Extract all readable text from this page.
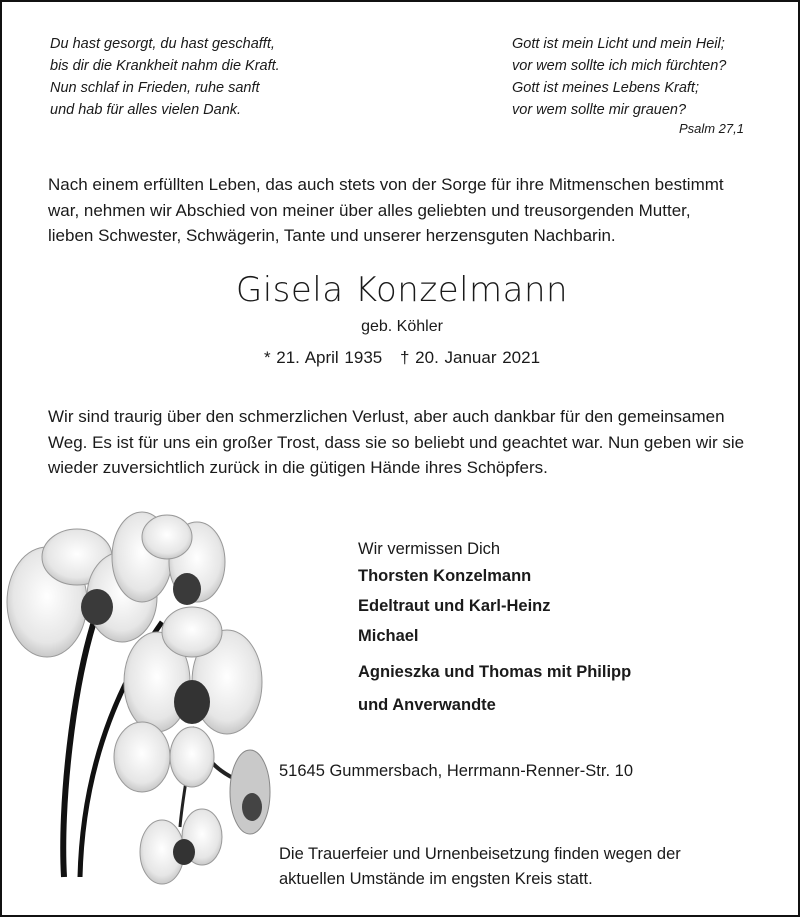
Du hast gesorgt, du hast geschafft,
bis dir die Krankheit nahm die Kraft.
Nun schlaf in Frieden, ruhe sanft
und hab für alles vielen Dank.
Gott ist mein Licht und mein Heil;
vor wem sollte ich mich fürchten?
Gott ist meines Lebens Kraft;
vor wem sollte mir grauen?
Psalm 27,1
Nach einem erfüllten Leben, das auch stets von der Sorge für ihre Mitmenschen bestimmt
war, nehmen wir Abschied von meiner über alles geliebten und treusorgenden Mutter,
lieben Schwester, Schwägerin, Tante und unserer herzensguten Nachbarin.
Gisela Konzelmann
geb. Köhler
* 21. April 1935 † 20. Januar 2021
Wir sind traurig über den schmerzlichen Verlust, aber auch dankbar für den gemeinsamen
Weg. Es ist für uns ein großer Trost, dass sie so beliebt und geachtet war. Nun geben wir sie
wieder zuversichtlich zurück in die gütigen Hände ihres Schöpfers.
Wir vermissen Dich
Thorsten Konzelmann
Edeltraut und Karl-Heinz
Michael
Agnieszka und Thomas mit Philipp
und Anverwandte
51645 Gummersbach, Herrmann-Renner-Str. 10
Die Trauerfeier und Urnenbeisetzung finden wegen der
aktuellen Umstände im engsten Kreis statt.
